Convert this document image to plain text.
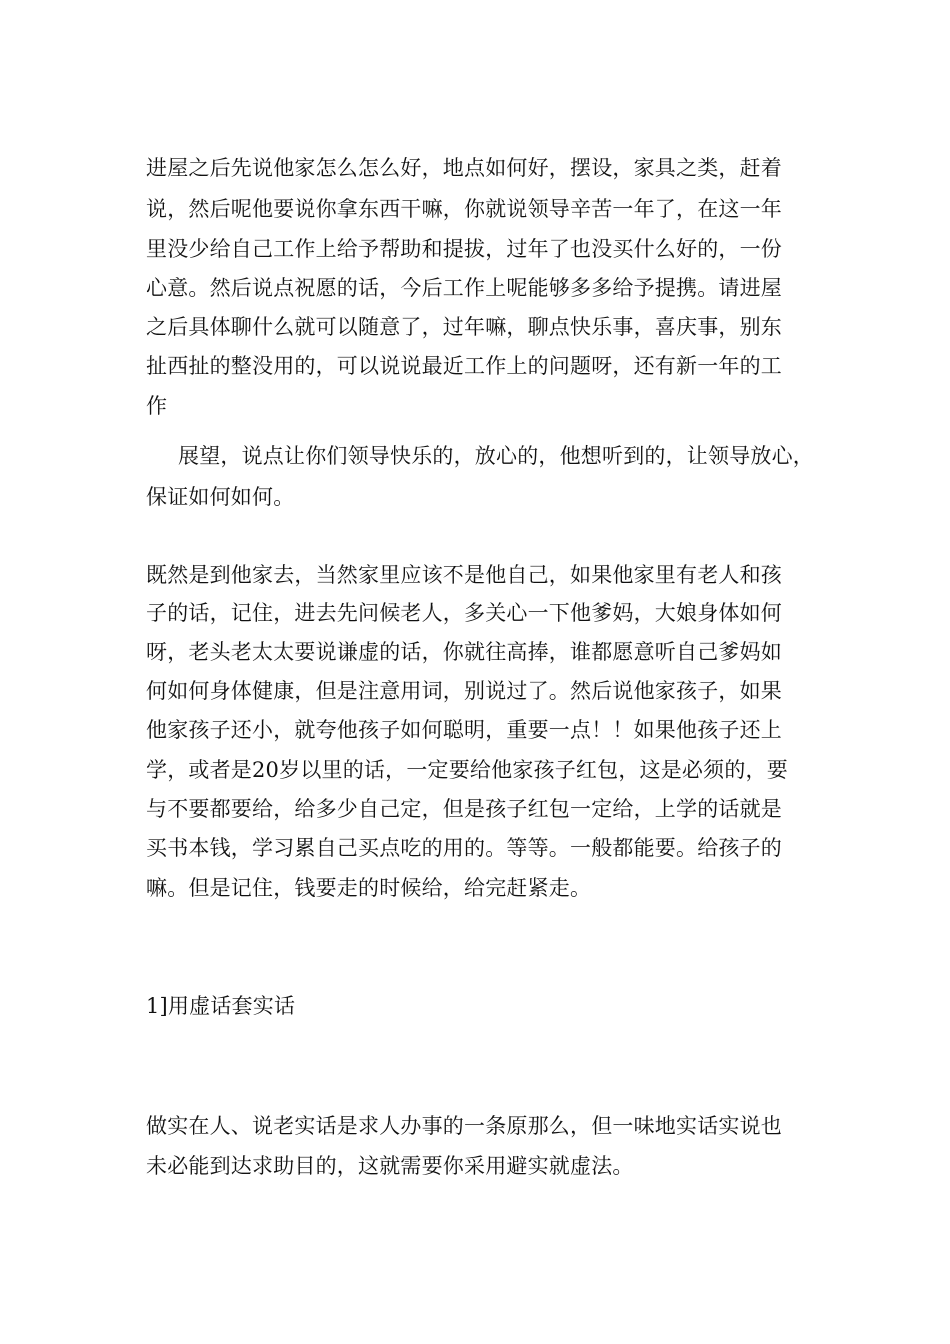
进屋之后先说他家怎么怎么好，地点如何好，摆设，家具之类，赶着
说，然后呢他要说你拿东西干嘛，你就说领导辛苦一年了，在这一年
里没少给自己工作上给予帮助和提拔，过年了也没买什么好的，一份
心意。然后说点祝愿的话，今后工作上呢能够多多给予提携。请进屋
之后具体聊什么就可以随意了，过年嘛，聊点快乐事，喜庆事，别东
扯西扯的整没用的，可以说说最近工作上的问题呀，还有新一年的工
作
展望，说点让你们领导快乐的，放心的，他想听到的，让领导放心，
保证如何如何。
既然是到他家去，当然家里应该不是他自己，如果他家里有老人和孩
子的话，记住，进去先问候老人，多关心一下他爹妈，大娘身体如何
呀，老头老太太要说谦虚的话，你就往高捧，谁都愿意听自己爹妈如
何如何身体健康，但是注意用词，别说过了。然后说他家孩子，如果
他家孩子还小，就夸他孩子如何聪明，重要一点！！如果他孩子还上
学，或者是20岁以里的话，一定要给他家孩子红包，这是必须的，要
与不要都要给，给多少自己定，但是孩子红包一定给，上学的话就是
买书本钱，学习累自己买点吃的用的。等等。一般都能要。给孩子的
嘛。但是记住，钱要走的时候给，给完赶紧走。
1]用虚话套实话
做实在人、说老实话是求人办事的一条原那么，但一味地实话实说也
未必能到达求助目的，这就需要你采用避实就虚法。
